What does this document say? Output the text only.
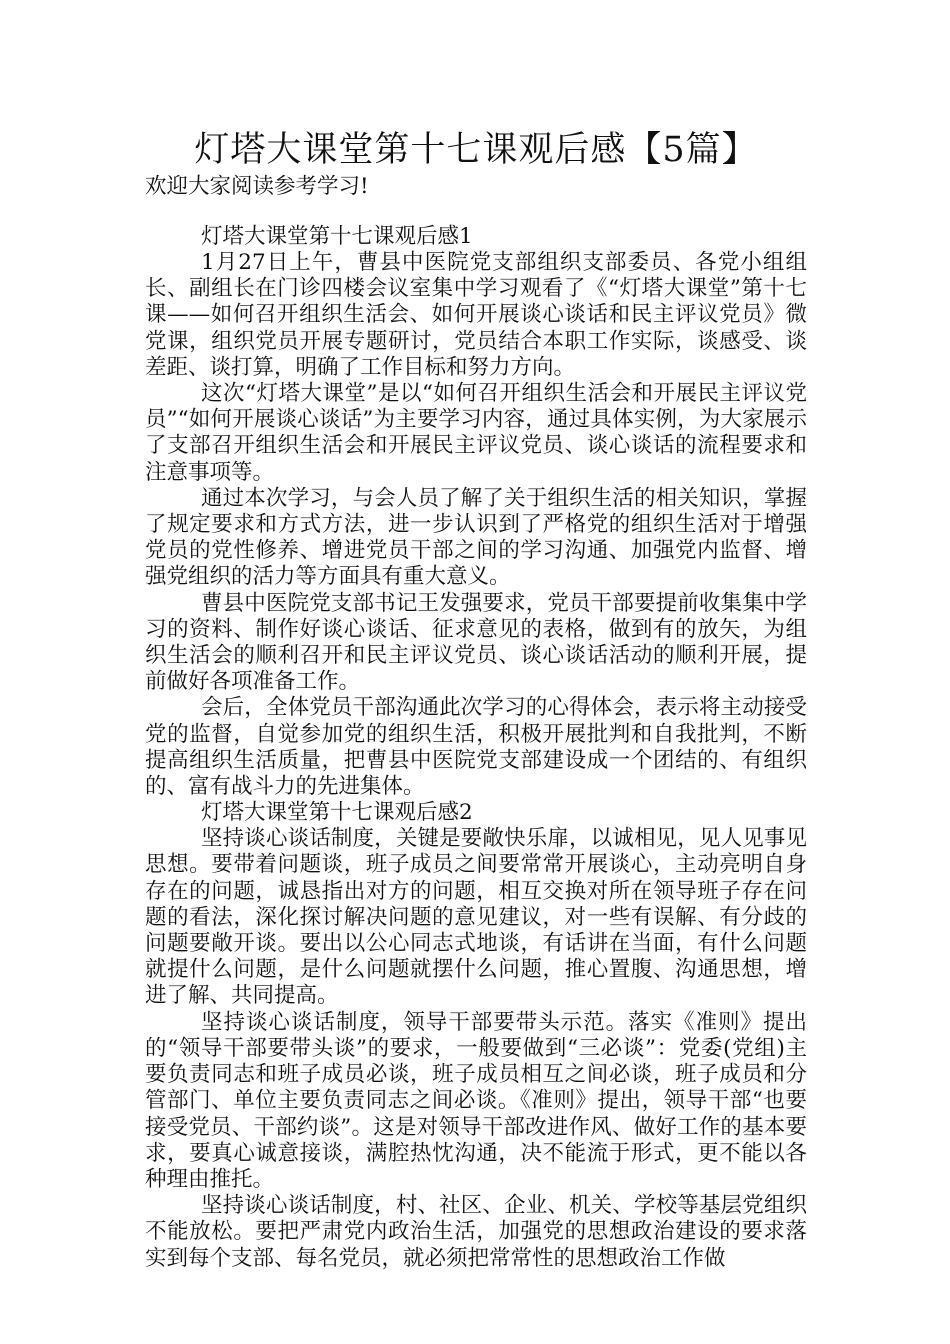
灯塔大课堂第十七课观后感【5篇】

欢迎大家阅读参考学习!

灯塔大课堂第十七课观后感1

1月27日上午，曹县中医院党支部组织支部委员、各党小组组长、副组长在门诊四楼会议室集中学习观看了《“灯塔大课堂”第十七课——如何召开组织生活会、如何开展谈心谈话和民主评议党员》微党课，组织党员开展专题研讨，党员结合本职工作实际，谈感受、谈差距、谈打算，明确了工作目标和努力方向。

这次“灯塔大课堂”是以“如何召开组织生活会和开展民主评议党员”“如何开展谈心谈话”为主要学习内容，通过具体实例，为大家展示了支部召开组织生活会和开展民主评议党员、谈心谈话的流程要求和注意事项等。

通过本次学习，与会人员了解了关于组织生活的相关知识，掌握了规定要求和方式方法，进一步认识到了严格党的组织生活对于增强党员的党性修养、增进党员干部之间的学习沟通、加强党内监督、增强党组织的活力等方面具有重大意义。

曹县中医院党支部书记王发强要求，党员干部要提前收集集中学习的资料、制作好谈心谈话、征求意见的表格，做到有的放矢，为组织生活会的顺利召开和民主评议党员、谈心谈话活动的顺利开展，提前做好各项准备工作。

会后，全体党员干部沟通此次学习的心得体会，表示将主动接受党的监督，自觉参加党的组织生活，积极开展批判和自我批判，不断提高组织生活质量，把曹县中医院党支部建设成一个团结的、有组织的、富有战斗力的先进集体。

灯塔大课堂第十七课观后感2

坚持谈心谈话制度，关键是要敞快乐扉，以诚相见，见人见事见思想。要带着问题谈，班子成员之间要常常开展谈心，主动亮明自身存在的问题，诚恳指出对方的问题，相互交换对所在领导班子存在问题的看法，深化探讨解决问题的意见建议，对一些有误解、有分歧的问题要敞开谈。要出以公心同志式地谈，有话讲在当面，有什么问题就提什么问题，是什么问题就摆什么问题，推心置腹、沟通思想，增进了解、共同提高。

坚持谈心谈话制度，领导干部要带头示范。落实《准则》提出的“领导干部要带头谈”的要求，一般要做到“三必谈”：党委(党组)主要负责同志和班子成员必谈，班子成员相互之间必谈，班子成员和分管部门、单位主要负责同志之间必谈。《准则》提出，领导干部“也要接受党员、干部约谈”。这是对领导干部改进作风、做好工作的基本要求，要真心诚意接谈，满腔热忱沟通，决不能流于形式，更不能以各种理由推托。

坚持谈心谈话制度，村、社区、企业、机关、学校等基层党组织不能放松。要把严肃党内政治生活，加强党的思想政治建设的要求落实到每个支部、每名党员，就必须把常常性的思想政治工作做
